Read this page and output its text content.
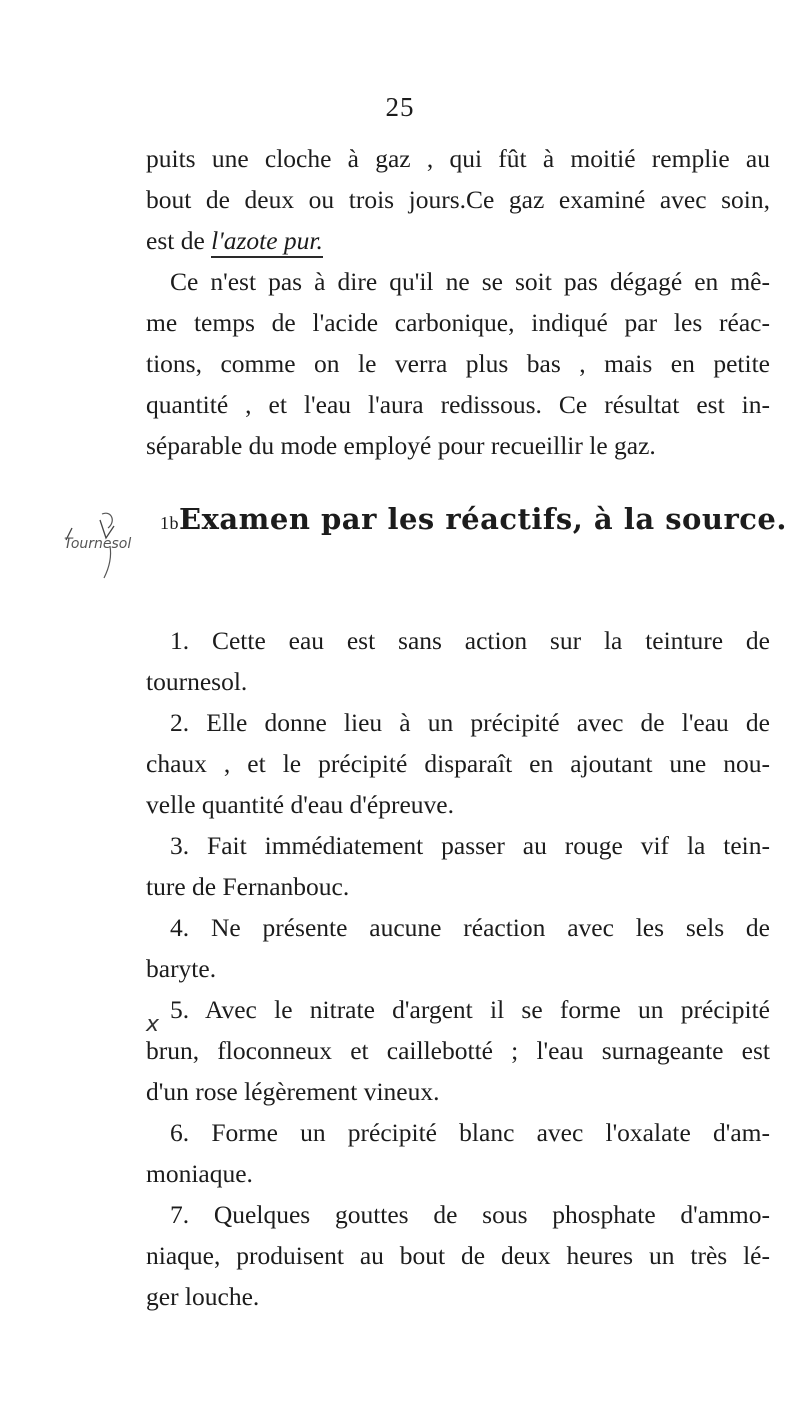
25
puits une cloche à gaz , qui fût à moitié remplie au
bout de deux ou trois jours.Ce gaz examiné avec soin,
est de l'azote pur.
Ce n'est pas à dire qu'il ne se soit pas dégagé en mê-
me temps de l'acide carbonique, indiqué par les réac-
tions, comme on le verra plus bas , mais en petite
quantité , et l'eau l'aura redissous. Ce résultat est in-
séparable du mode employé pour recueillir le gaz.
Tournesol
1bExamen par les réactifs, à la source.
1. Cette eau est sans action sur la teinture de
tournesol.
2. Elle donne lieu à un précipité avec de l'eau de
chaux , et le précipité disparaît en ajoutant une nou-
velle quantité d'eau d'épreuve.
3. Fait immédiatement passer au rouge vif la tein-
ture de Fernanbouc.
4. Ne présente aucune réaction avec les sels de
baryte.
5. Avec le nitrate d'argent il se forme un précipité
brun, floconneux et caillebotté ; l'eau surnageante est
d'un rose légèrement vineux.
6. Forme un précipité blanc avec l'oxalate d'am-
moniaque.
7. Quelques gouttes de sous phosphate d'ammo-
niaque, produisent au bout de deux heures un très lé-
ger louche.
x
